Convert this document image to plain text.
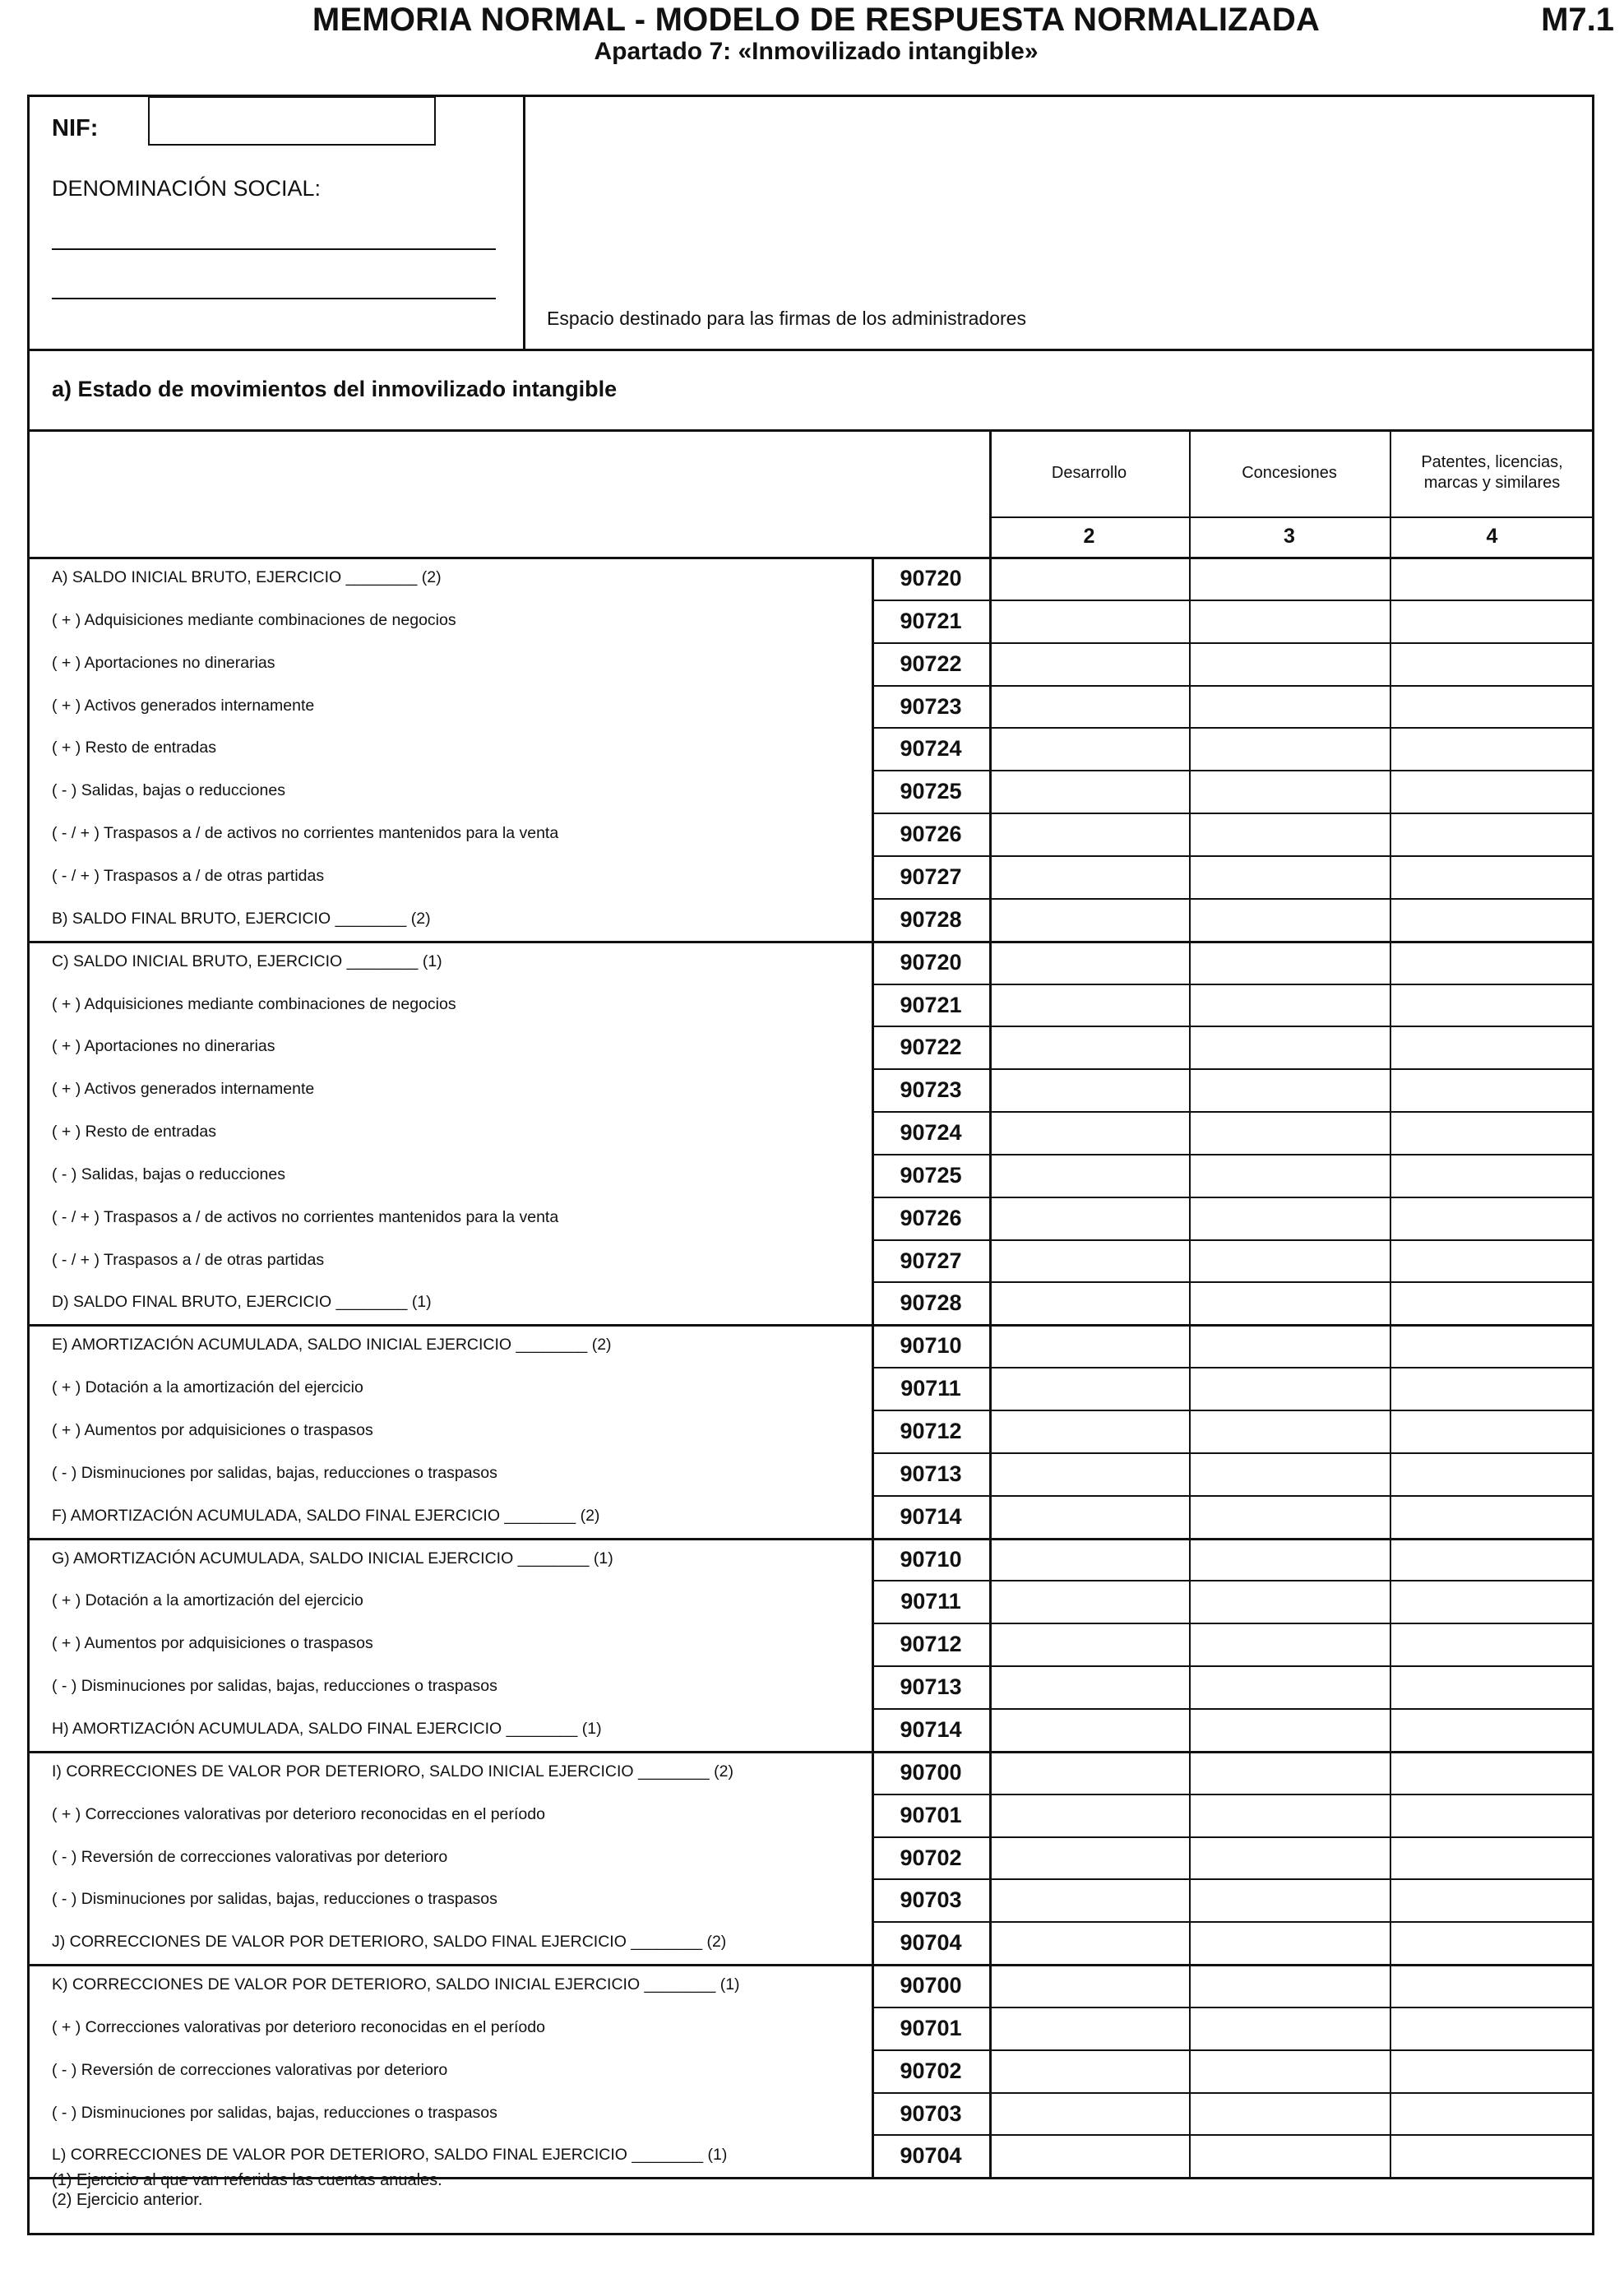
MEMORIA NORMAL - MODELO DE RESPUESTA NORMALIZADA	M7.1
Apartado 7: «Inmovilizado intangible»
NIF:
DENOMINACIÓN SOCIAL:
Espacio destinado para las firmas de los administradores
a) Estado de movimientos del inmovilizado intangible
Desarrollo
2
Concesiones
3
Patentes, licencias, marcas y similares
4
A) SALDO INICIAL BRUTO, EJERCICIO ________ (2)	90720
( + ) Adquisiciones mediante combinaciones de negocios	90721
( + ) Aportaciones no dinerarias	90722
( + ) Activos generados internamente	90723
( + ) Resto de entradas	90724
( - ) Salidas, bajas o reducciones	90725
( - / + ) Traspasos a / de activos no corrientes mantenidos para la venta	90726
( - / + ) Traspasos a / de otras partidas	90727
B) SALDO FINAL BRUTO, EJERCICIO ________ (2)	90728
C) SALDO INICIAL BRUTO, EJERCICIO ________ (1)	90720
( + ) Adquisiciones mediante combinaciones de negocios	90721
( + ) Aportaciones no dinerarias	90722
( + ) Activos generados internamente	90723
( + ) Resto de entradas	90724
( - ) Salidas, bajas o reducciones	90725
( - / + ) Traspasos a / de activos no corrientes mantenidos para la venta	90726
( - / + ) Traspasos a / de otras partidas	90727
D) SALDO FINAL BRUTO, EJERCICIO ________ (1)	90728
E) AMORTIZACIÓN ACUMULADA, SALDO INICIAL EJERCICIO ________ (2)	90710
( + ) Dotación a la amortización del ejercicio	90711
( + ) Aumentos por adquisiciones o traspasos	90712
( - ) Disminuciones por salidas, bajas, reducciones o traspasos	90713
F) AMORTIZACIÓN ACUMULADA, SALDO FINAL EJERCICIO ________ (2)	90714
G) AMORTIZACIÓN ACUMULADA, SALDO INICIAL EJERCICIO ________ (1)	90710
( + ) Dotación a la amortización del ejercicio	90711
( + ) Aumentos por adquisiciones o traspasos	90712
( - ) Disminuciones por salidas, bajas, reducciones o traspasos	90713
H) AMORTIZACIÓN ACUMULADA, SALDO FINAL EJERCICIO ________ (1)	90714
I) CORRECCIONES DE VALOR POR DETERIORO, SALDO INICIAL EJERCICIO ________ (2)	90700
( + ) Correcciones valorativas por deterioro reconocidas en el período	90701
( - ) Reversión de correcciones valorativas por deterioro	90702
( - ) Disminuciones por salidas, bajas, reducciones o traspasos	90703
J) CORRECCIONES DE VALOR POR DETERIORO, SALDO FINAL EJERCICIO ________ (2)	90704
K) CORRECCIONES DE VALOR POR DETERIORO, SALDO INICIAL EJERCICIO ________ (1)	90700
( + ) Correcciones valorativas por deterioro reconocidas en el período	90701
( - ) Reversión de correcciones valorativas por deterioro	90702
( - ) Disminuciones por salidas, bajas, reducciones o traspasos	90703
L) CORRECCIONES DE VALOR POR DETERIORO, SALDO FINAL EJERCICIO ________ (1)	90704
(1) Ejercicio al que van referidas las cuentas anuales.
(2) Ejercicio anterior.
